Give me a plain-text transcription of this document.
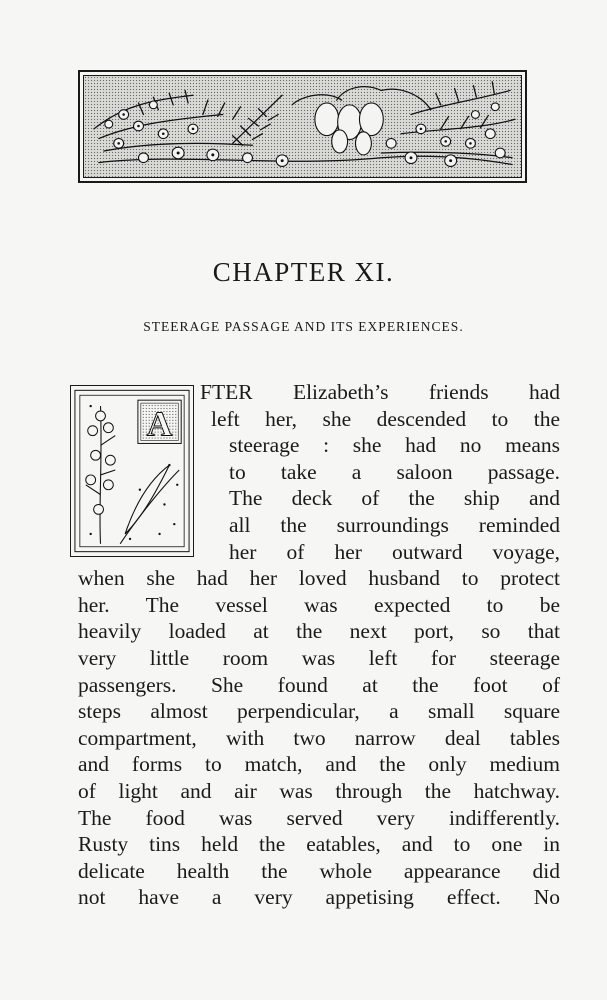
CHAPTER XI.
STEERAGE PASSAGE AND ITS EXPERIENCES.
A
FTER Elizabeth’s friends had
left her, she descended to the
steerage : she had no means
to take a saloon passage.
The deck of the ship and
all the surroundings reminded
her of her outward voyage,
when she had her loved husband to protect
her. The vessel was expected to be
heavily loaded at the next port, so that
very little room was left for steerage
passengers. She found at the foot of
steps almost perpendicular, a small square
compartment, with two narrow deal tables
and forms to match, and the only medium
of light and air was through the hatchway.
The food was served very indifferently.
Rusty tins held the eatables, and to one in
delicate health the whole appearance did
not have a very appetising effect. No
